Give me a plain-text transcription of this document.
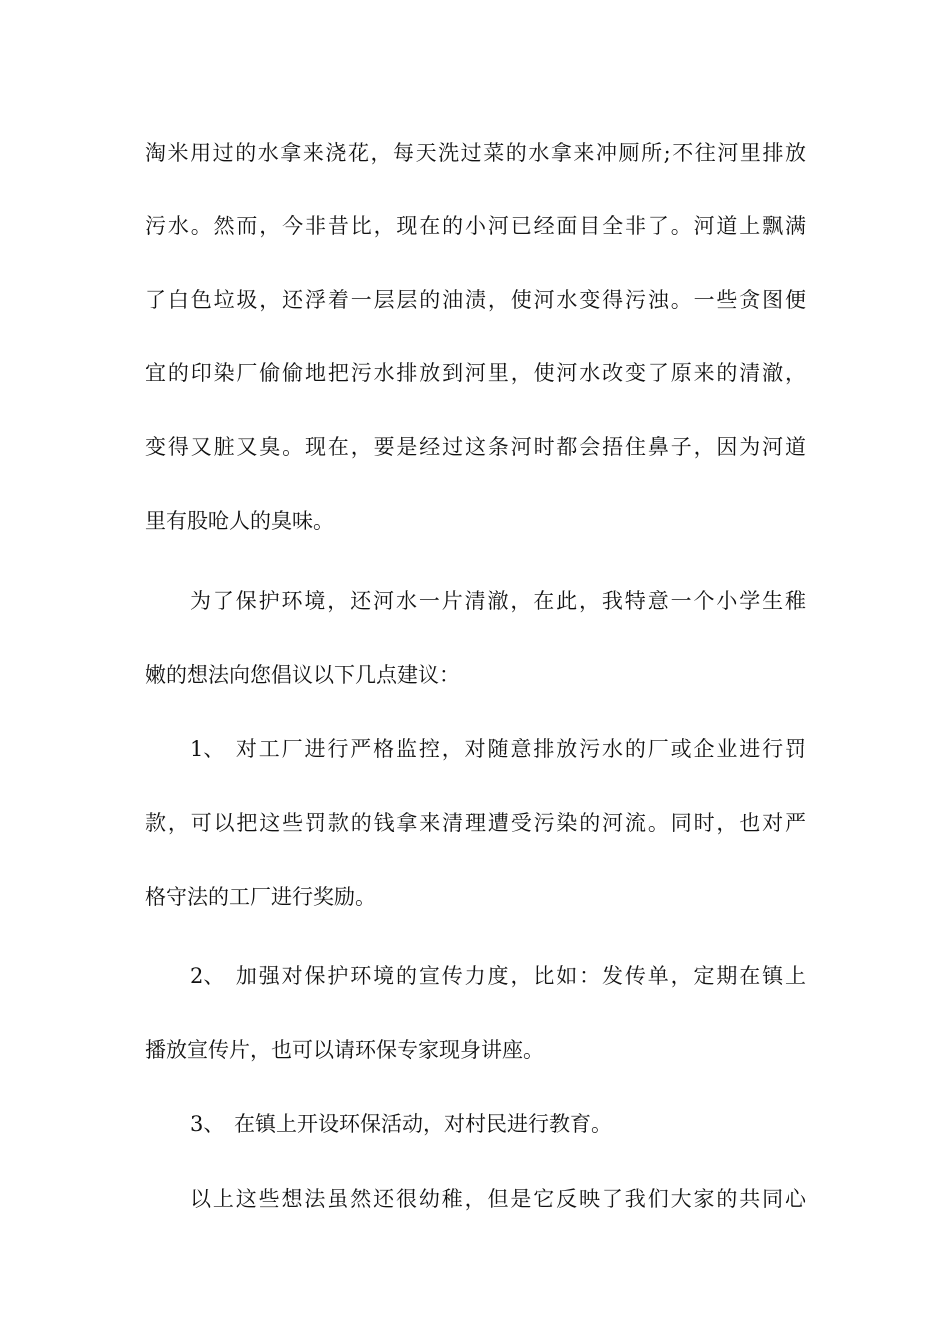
淘米用过的水拿来浇花，每天洗过菜的水拿来冲厕所;不往河里排放
污水。然而，今非昔比，现在的小河已经面目全非了。河道上飘满
了白色垃圾，还浮着一层层的油渍，使河水变得污浊。一些贪图便
宜的印染厂偷偷地把污水排放到河里，使河水改变了原来的清澈，
变得又脏又臭。现在，要是经过这条河时都会捂住鼻子，因为河道
里有股呛人的臭味。
为了保护环境，还河水一片清澈，在此，我特意一个小学生稚
嫩的想法向您倡议以下几点建议：
1、 对工厂进行严格监控，对随意排放污水的厂或企业进行罚
款，可以把这些罚款的钱拿来清理遭受污染的河流。同时，也对严
格守法的工厂进行奖励。
2、 加强对保护环境的宣传力度，比如：发传单，定期在镇上
播放宣传片，也可以请环保专家现身讲座。
3、 在镇上开设环保活动，对村民进行教育。
以上这些想法虽然还很幼稚，但是它反映了我们大家的共同心
